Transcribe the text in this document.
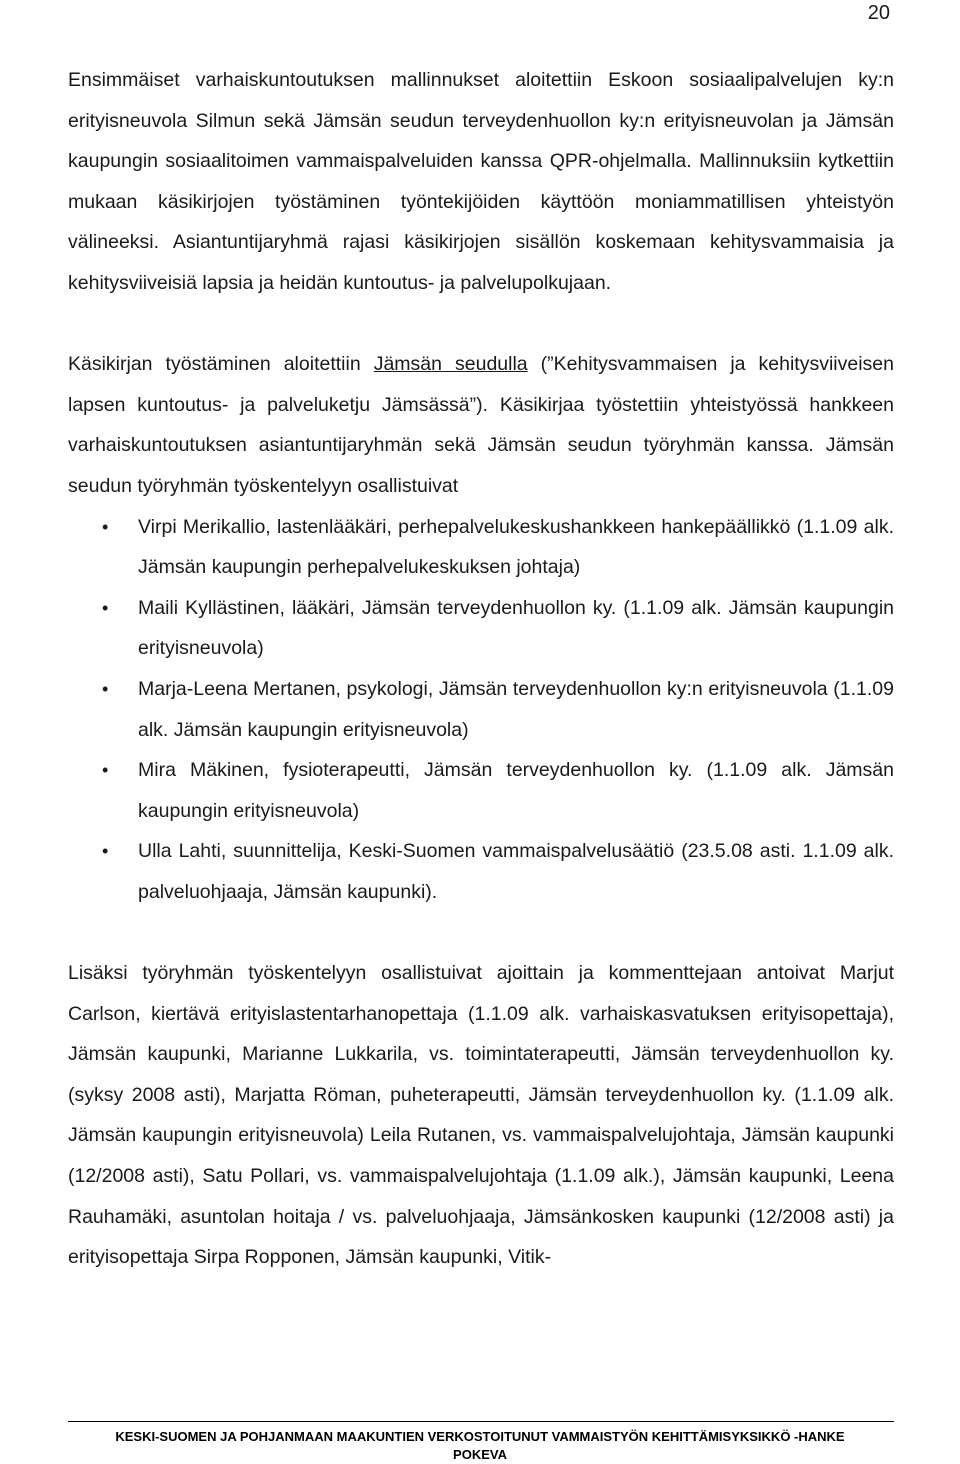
20

Ensimmäiset varhaiskuntoutuksen mallinnukset aloitettiin Eskoon sosiaalipalvelujen ky:n erityisneuvola Silmun sekä Jämsän seudun terveydenhuollon ky:n erityisneuvolan ja Jämsän kaupungin sosiaalitoimen vammaispalveluiden kanssa QPR-ohjelmalla. Mallinnuksiin kytkettiin mukaan käsikirjojen työstäminen työntekijöiden käyttöön moniammatillisen yhteistyön välineeksi. Asiantuntijaryhmä rajasi käsikirjojen sisällön koskemaan kehitysvammaisia ja kehitysviiveisiä lapsia ja heidän kuntoutus- ja palvelupolkujaan.

Käsikirjan työstäminen aloitettiin Jämsän seudulla (”Kehitysvammaisen ja kehitysviiveisen lapsen kuntoutus- ja palveluketju Jämsässä”). Käsikirjaa työstettiin yhteistyössä hankkeen varhaiskuntoutuksen asiantuntijaryhmän sekä Jämsän seudun työryhmän kanssa. Jämsän seudun työryhmän työskentelyyn osallistuivat

• Virpi Merikallio, lastenlääkäri, perhepalvelukeskushankkeen hankepäällikkö (1.1.09 alk. Jämsän kaupungin perhepalvelukeskuksen johtaja)
• Maili Kyllästinen, lääkäri, Jämsän terveydenhuollon ky. (1.1.09 alk. Jämsän kaupungin erityisneuvola)
• Marja-Leena Mertanen, psykologi, Jämsän terveydenhuollon ky:n erityisneuvola (1.1.09 alk. Jämsän kaupungin erityisneuvola)
• Mira Mäkinen, fysioterapeutti, Jämsän terveydenhuollon ky. (1.1.09 alk. Jämsän kaupungin erityisneuvola)
• Ulla Lahti, suunnittelija, Keski-Suomen vammaispalvelusäätiö (23.5.08 asti. 1.1.09 alk. palveluohjaaja, Jämsän kaupunki).

Lisäksi työryhmän työskentelyyn osallistuivat ajoittain ja kommenttejaan antoivat Marjut Carlson, kiertävä erityislastentarhanopettaja (1.1.09 alk. varhaiskasvatuksen erityisopettaja), Jämsän kaupunki, Marianne Lukkarila, vs. toimintaterapeutti, Jämsän terveydenhuollon ky. (syksy 2008 asti), Marjatta Röman, puheterapeutti, Jämsän terveydenhuollon ky. (1.1.09 alk. Jämsän kaupungin erityisneuvola) Leila Rutanen, vs. vammaispalvelujohtaja, Jämsän kaupunki (12/2008 asti), Satu Pollari, vs. vammaispalvelujohtaja (1.1.09 alk.), Jämsän kaupunki, Leena Rauhamäki, asuntolan hoitaja / vs. palveluohjaaja, Jämsänkosken kaupunki (12/2008 asti) ja erityisopettaja Sirpa Ropponen, Jämsän kaupunki, Vitik-

KESKI-SUOMEN JA POHJANMAAN MAAKUNTIEN VERKOSTOITUNUT VAMMAISTYÖN KEHITTÄMISYKSIKKÖ -HANKE
POKEVA
